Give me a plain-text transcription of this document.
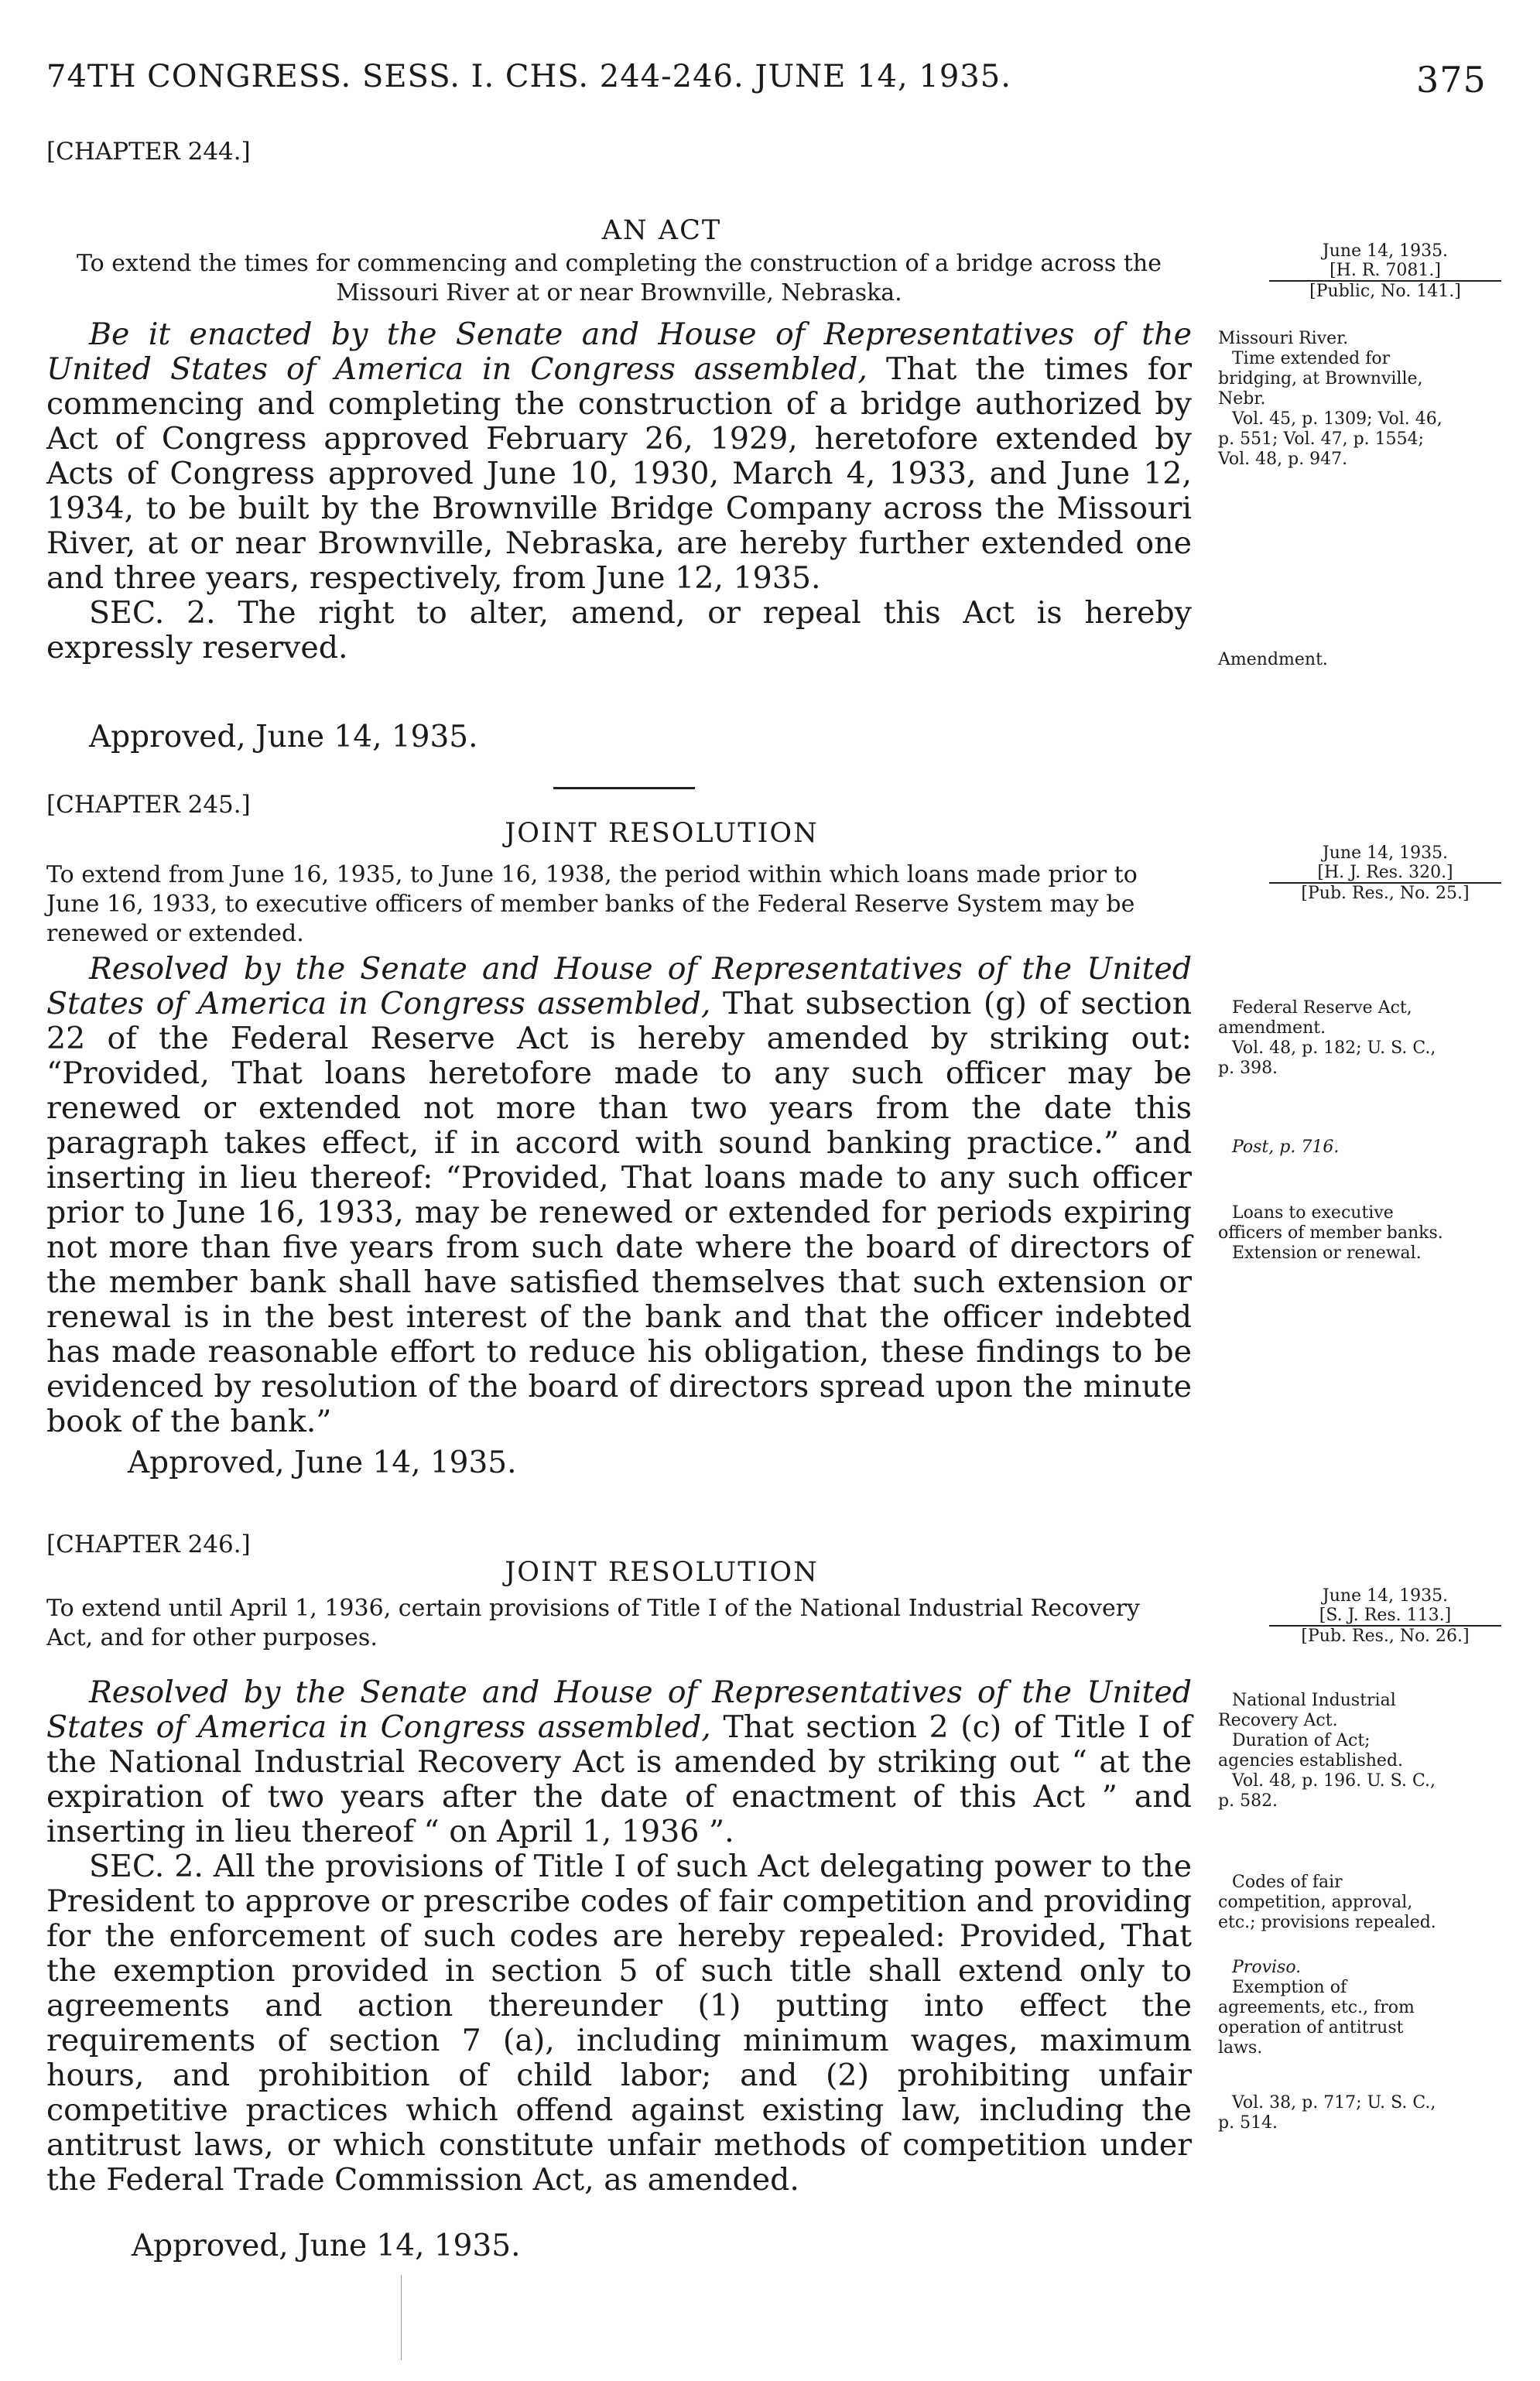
74TH CONGRESS. SESS. I. CHS. 244-246. JUNE 14, 1935.	375
[CHAPTER 244.]
AN ACT
To extend the times for commencing and completing the construction of a bridge across the Missouri River at or near Brownville, Nebraska.
June 14, 1935.
[H. R. 7081.]
[Public, No. 141.]

Be it enacted by the Senate and House of Representatives of the United States of America in Congress assembled, That the times for commencing and completing the construction of a bridge authorized by Act of Congress approved February 26, 1929, heretofore extended by Acts of Congress approved June 10, 1930, March 4, 1933, and June 12, 1934, to be built by the Brownville Bridge Company across the Missouri River, at or near Brownville, Nebraska, are hereby further extended one and three years, respectively, from June 12, 1935.

SEC. 2. The right to alter, amend, or repeal this Act is hereby expressly reserved.

Approved, June 14, 1935.

Missouri River.

Time extended for bridging, at Brownville, Nebr.

Vol. 45, p. 1309; Vol. 46, p. 551; Vol. 47, p. 1554; Vol. 48, p. 947.

Amendment.
[CHAPTER 245.]
JOINT RESOLUTION
To extend from June 16, 1935, to June 16, 1938, the period within which loans made prior to June 16, 1933, to executive officers of member banks of the Federal Reserve System may be renewed or extended.
June 14, 1935.
[H. J. Res. 320.]
[Pub. Res., No. 25.]

Resolved by the Senate and House of Representatives of the United States of America in Congress assembled, That subsection (g) of section 22 of the Federal Reserve Act is hereby amended by striking out: “Provided, That loans heretofore made to any such officer may be renewed or extended not more than two years from the date this paragraph takes effect, if in accord with sound banking practice.” and inserting in lieu thereof: “Provided, That loans made to any such officer prior to June 16, 1933, may be renewed or extended for periods expiring not more than five years from such date where the board of directors of the member bank shall have satisfied themselves that such extension or renewal is in the best interest of the bank and that the officer indebted has made reasonable effort to reduce his obligation, these findings to be evidenced by resolution of the board of directors spread upon the minute book of the bank.”

Approved, June 14, 1935.

Federal Reserve Act, amendment.

Vol. 48, p. 182; U. S. C., p. 398.

Post, p. 716.

Loans to executive officers of member banks.

Extension or renewal.

[CHAPTER 246.]
JOINT RESOLUTION
To extend until April 1, 1936, certain provisions of Title I of the National Industrial Recovery Act, and for other purposes.
June 14, 1935.
[S. J. Res. 113.]
[Pub. Res., No. 26.]

Resolved by the Senate and House of Representatives of the United States of America in Congress assembled, That section 2 (c) of Title I of the National Industrial Recovery Act is amended by striking out “ at the expiration of two years after the date of enactment of this Act ” and inserting in lieu thereof “ on April 1, 1936 ”.

SEC. 2. All the provisions of Title I of such Act delegating power to the President to approve or prescribe codes of fair competition and providing for the enforcement of such codes are hereby repealed: Provided, That the exemption provided in section 5 of such title shall extend only to agreements and action thereunder (1) putting into effect the requirements of section 7 (a), including minimum wages, maximum hours, and prohibition of child labor; and (2) prohibiting unfair competitive practices which offend against existing law, including the antitrust laws, or which constitute unfair methods of competition under the Federal Trade Commission Act, as amended.

Approved, June 14, 1935.

National Industrial Recovery Act.

Duration of Act; agencies established.

Vol. 48, p. 196. U. S. C., p. 582.

Codes of fair competition, approval, etc.; provisions repealed.

Proviso.

Exemption of agreements, etc., from operation of antitrust laws.

Vol. 38, p. 717; U. S. C., p. 514.
